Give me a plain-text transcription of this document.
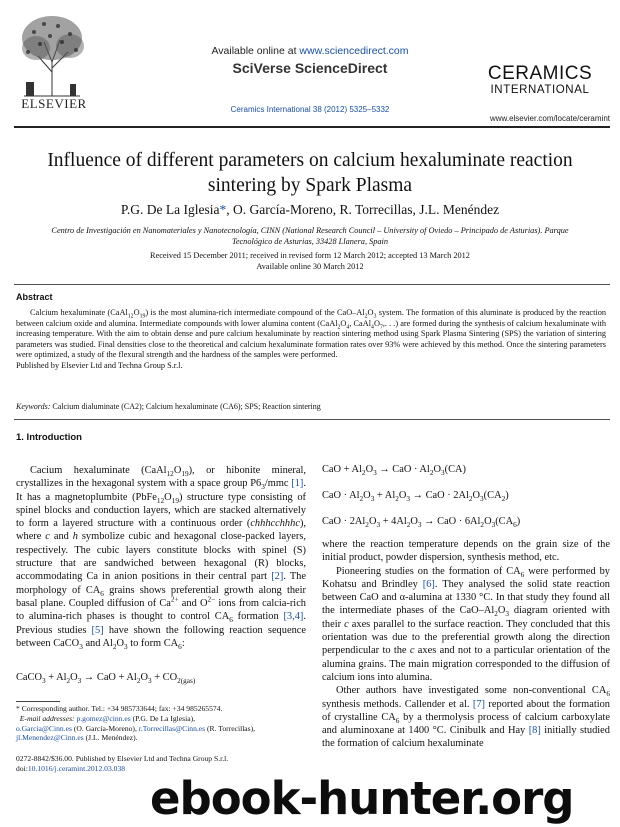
ELSEVIER
Available online at www.sciencedirect.com
SciVerse ScienceDirect
Ceramics International 38 (2012) 5325–5332
CERAMICS
INTERNATIONAL
www.elsevier.com/locate/ceramint
Influence of different parameters on calcium hexaluminate reaction
sintering by Spark Plasma
P.G. De La Iglesia*, O. García-Moreno, R. Torrecillas, J.L. Menéndez
Centro de Investigación en Nanomateriales y Nanotecnología, CINN (National Research Council – University of Oviedo – Principado de Asturias). Parque
Tecnológico de Asturias, 33428 Llanera, Spain
Received 15 December 2011; received in revised form 12 March 2012; accepted 13 March 2012
Available online 30 March 2012
Abstract

Calcium hexaluminate $(CaAl_{12}O_{19})$ is the most alumina-rich intermediate compound of the CaO–$Al_2O_3$ system. The formation of this aluminate is produced by the reaction between calcium oxide and alumina. Intermediate compounds with lower alumina content ($CaAl_2O_4$, $CaAl_4O_7$,. . .) are formed during the synthesis of calcium hexaluminate with increasing temperature. With the aim to obtain dense and pure calcium hexaluminate by reaction sintering method using Spark Plasma Sintering (SPS) the variation of sintering parameters was studied. Final densities close to the theoretical and calcium hexaluminate formation rates over 93% were achieved by this method. Once the sintering parameters were optimized, a study of the flexural strength and the hardness of the samples were performed.

Published by Elsevier Ltd and Techna Group S.r.l.
Keywords: Calcium dialuminate (CA2); Calcium hexaluminate (CA6); SPS; Reaction sintering
1. Introduction

Cacium hexaluminate $(CaAl_{12}O_{19})$, or hibonite mineral, crystallizes in the hexagonal system with a space group $P6_3$/mmc [1]. It has a magnetoplumbite $(PbFe_{12}O_{19})$ structure type consisting of spinel blocks and conduction layers, which are stacked alternatively to form a layered structure with a continuous order (chhhcchhhc), where c and h symbolize cubic and hexagonal close-packed layers, respectively. The cubic layers constitute blocks with spinel (S) structure that are sandwiched between hexagonal (R) blocks, accommodating Ca in anion positions in their central part [2]. The morphology of $CA_6$ grains shows preferential growth along their basal plane. Coupled diffusion of $Ca^{2+}$ and $O^{2-}$ ions from calcia-rich to alumina-rich phases is thought to control $CA_6$ formation [3,4]. Previous studies [5] have shown the following reaction sequence between CaCO$_3$ and $Al_2O_3$ to form $CA_6$:

CaCO$_3$ + $Al_2O_3$ → CaO + $Al_2O_3 + CO_{2(gas)}$
CaO + $Al_2O_3$ → CaO · $Al_2O_3(CA)$
CaO · $Al_2O_3 + Al_2O_3$ → CaO · $2Al_2O_3(CA_2)$
CaO · $2Al_2O_3 + 4Al_2O_3$ → CaO · $6Al_2O_3(CA_6)$

where the reaction temperature depends on the grain size of the initial product, powder dispersion, synthesis method, etc.

Pioneering studies on the formation of $CA_6$ were performed by Kohatsu and Brindley [6]. They analysed the solid state reaction between CaO and α-alumina at 1330 °C. In that study they found all the intermediate phases of the CaO–$Al_2O_3$ diagram oriented with their c axes parallel to the surface reaction. They concluded that this orientation was due to the preferential growth along the direction perpendicular to the c axes and not to a particular orientation of the alumina grains. The main migration corresponded to the diffusion of calcium ions into alumina.

Other authors have investigated some non-conventional $CA_6$ synthesis methods. Callender et al. [7] reported about the formation of crystalline $CA_6$ by a thermolysis process of calcium carboxylate and aluminoxane at 1400 °C. Cinibulk and Hay [8] initially studied the formation of calcium hexaluminate

* Corresponding author. Tel.: +34 985733644; fax: +34 985265574.
E-mail addresses: p.gomez@cinn.es (P.G. De La Iglesia),
o.Garcia@Cinn.es (O. García-Moreno), r.Torrecillas@Cinn.es (R. Torrecillas),
jl.Menendez@Cinn.es (J.L. Menéndez).
0272-8842/$36.00. Published by Elsevier Ltd and Techna Group S.r.l.
doi:10.1016/j.ceramint.2012.03.038
ebook-hunter.org
